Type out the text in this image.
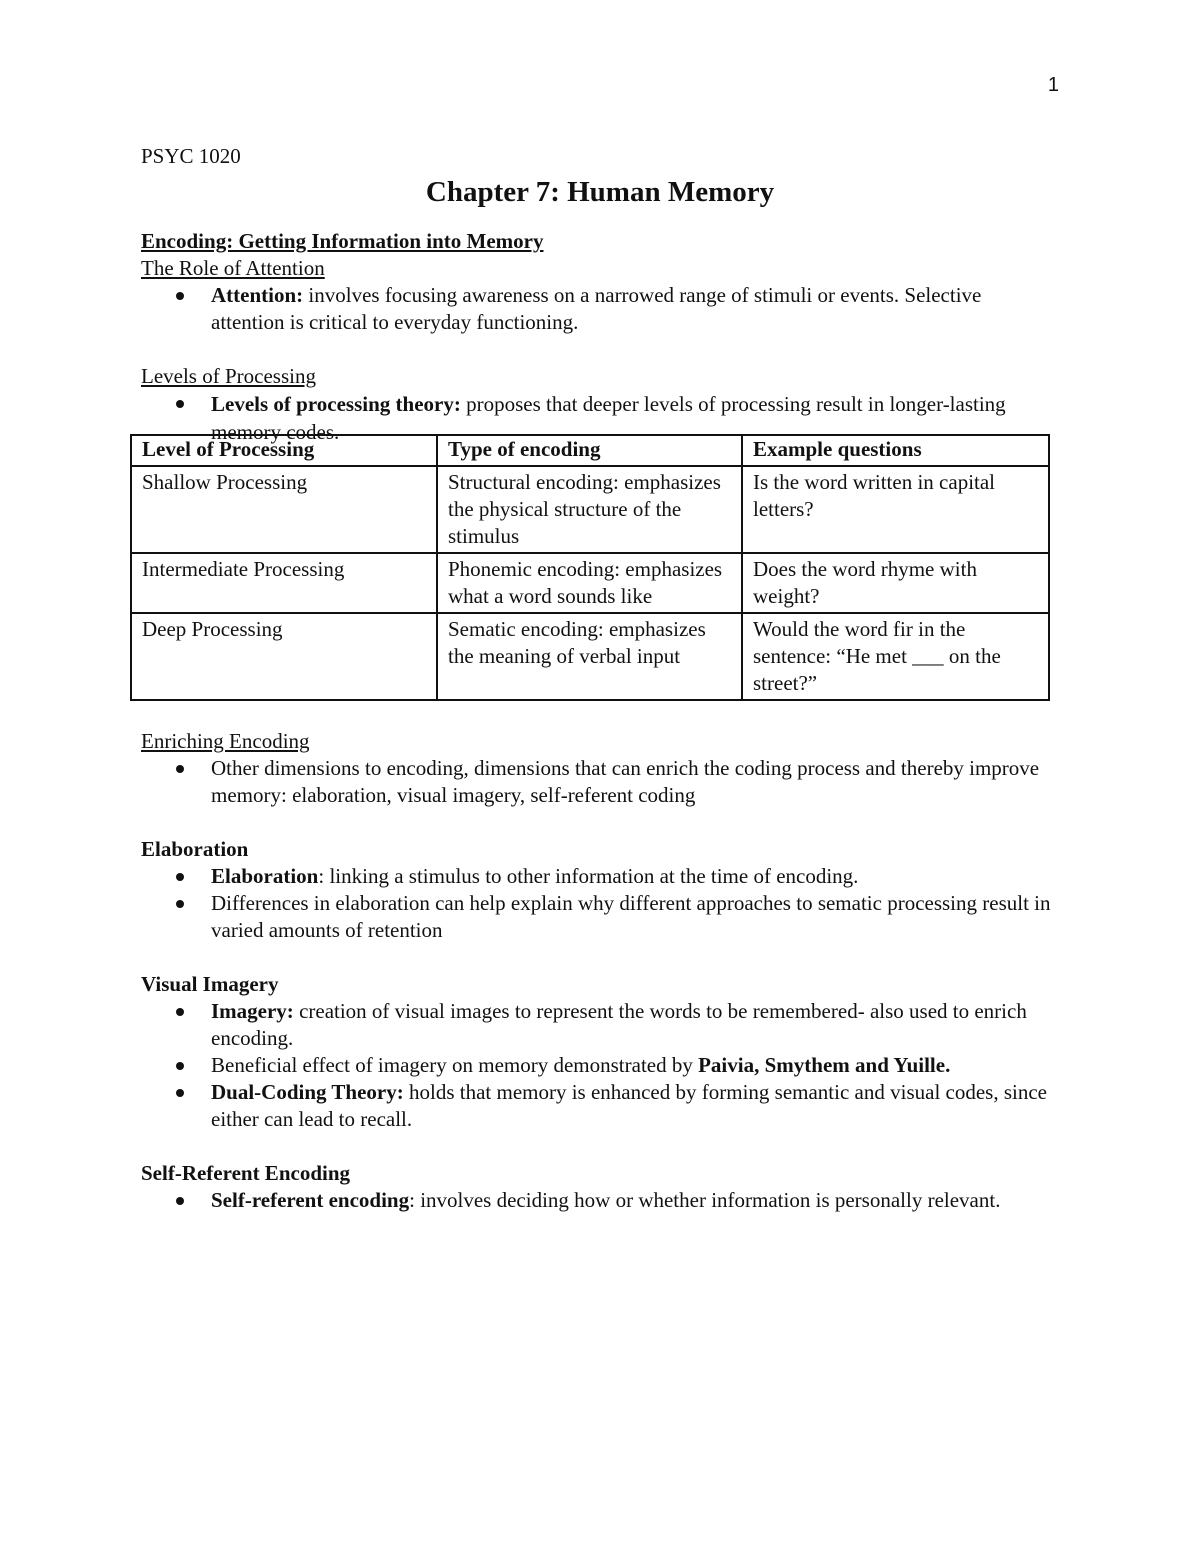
1
PSYC 1020
Chapter 7: Human Memory
Encoding: Getting Information into Memory
The Role of Attention
Attention: involves focusing awareness on a narrowed range of stimuli or events. Selective attention is critical to everyday functioning.
Levels of Processing
Levels of processing theory: proposes that deeper levels of processing result in longer-lasting memory codes.
Level of Processing	Type of encoding	Example questions
Shallow Processing	Structural encoding: emphasizes the physical structure of the stimulus	Is the word written in capital letters?
Intermediate Processing	Phonemic encoding: emphasizes what a word sounds like	Does the word rhyme with weight?
Deep Processing	Sematic encoding: emphasizes the meaning of verbal input	Would the word fir in the sentence: “He met ___ on the street?”
Enriching Encoding
Other dimensions to encoding, dimensions that can enrich the coding process and thereby improve memory: elaboration, visual imagery, self-referent coding
Elaboration
Elaboration: linking a stimulus to other information at the time of encoding.
Differences in elaboration can help explain why different approaches to sematic processing result in varied amounts of retention
Visual Imagery
Imagery: creation of visual images to represent the words to be remembered- also used to enrich encoding.
Beneficial effect of imagery on memory demonstrated by Paivia, Smythem and Yuille.
Dual-Coding Theory: holds that memory is enhanced by forming semantic and visual codes, since either can lead to recall.
Self-Referent Encoding
Self-referent encoding: involves deciding how or whether information is personally relevant.
